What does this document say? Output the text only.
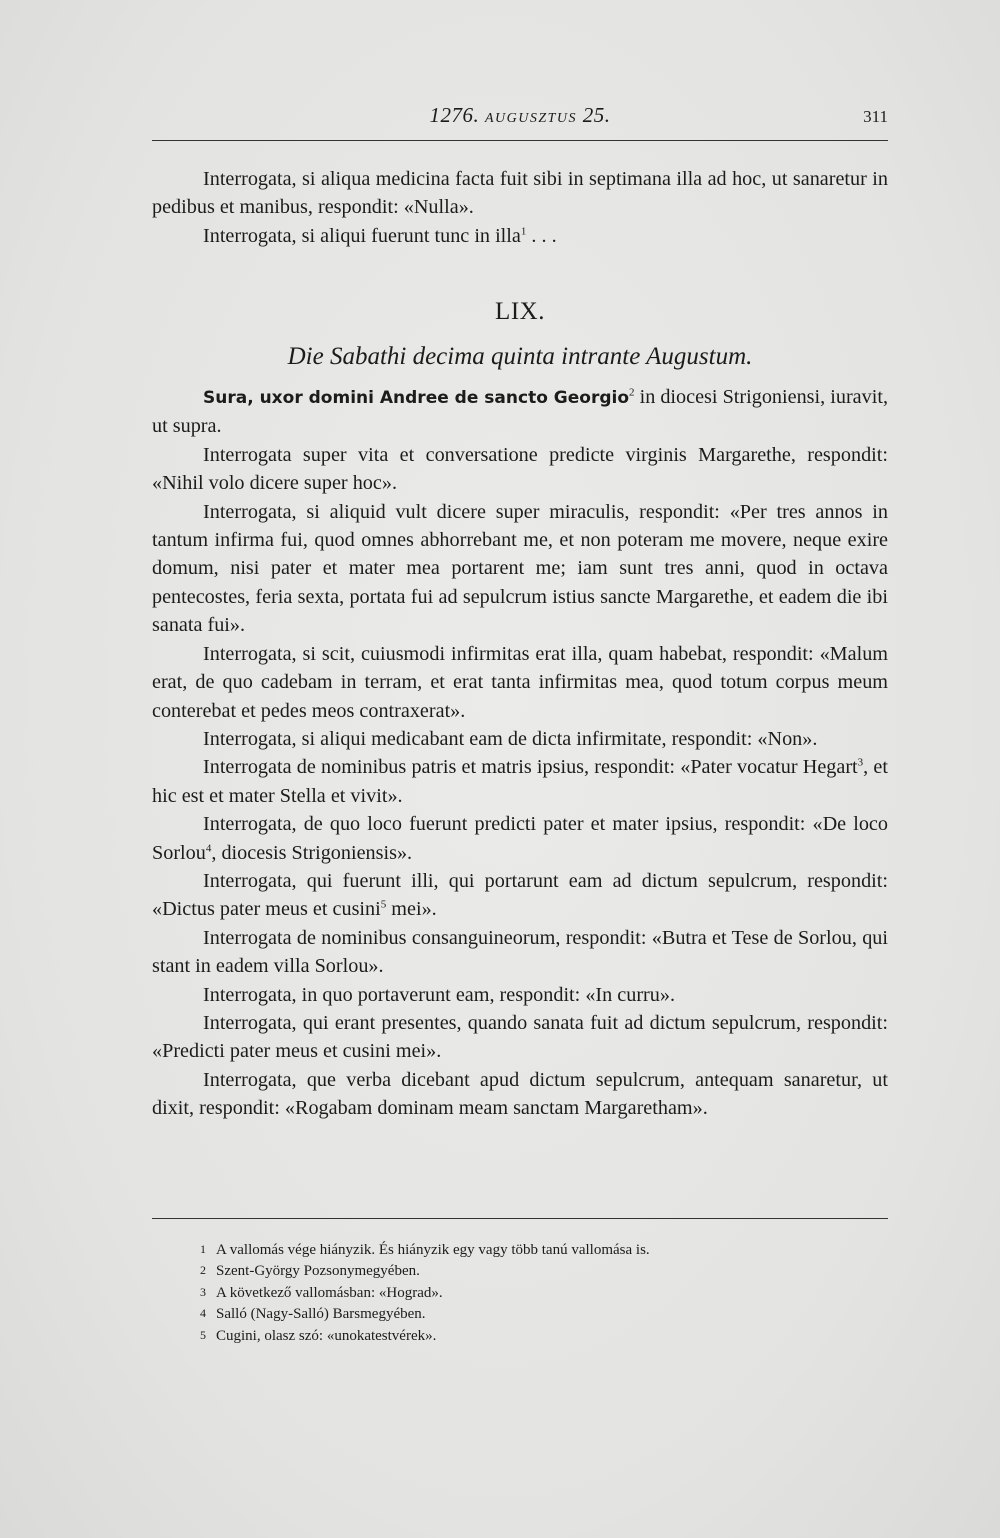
1276. AUGUSZTUS 25.	311

Interrogata, si aliqua medicina facta fuit sibi in septimana illa ad hoc, ut sanaretur in pedibus et manibus, respondit: «Nulla».

Interrogata, si aliqui fuerunt tunc in illa$^1$ . . .

LIX.
Die Sabathi decima quinta intrante Augustum.

Sura, uxor domini Andree de sancto Georgio$^2$ in diocesi Strigoniensi, iuravit, ut supra.

Interrogata super vita et conversatione predicte virginis Margarethe, respondit: «Nihil volo dicere super hoc».

Interrogata, si aliquid vult dicere super miraculis, respondit: «Per tres annos in tantum infirma fui, quod omnes abhorrebant me, et non poteram me movere, neque exire domum, nisi pater et mater mea portarent me; iam sunt tres anni, quod in octava pentecostes, feria sexta, portata fui ad sepulcrum istius sancte Margarethe, et eadem die ibi sanata fui».

Interrogata, si scit, cuiusmodi infirmitas erat illa, quam habebat, respondit: «Malum erat, de quo cadebam in terram, et erat tanta infirmitas mea, quod totum corpus meum conterebat et pedes meos contraxerat».

Interrogata, si aliqui medicabant eam de dicta infirmitate, respondit: «Non».

Interrogata de nominibus patris et matris ipsius, respondit: «Pater vocatur Hegart$^3$, et hic est et mater Stella et vivit».

Interrogata, de quo loco fuerunt predicti pater et mater ipsius, respondit: «De loco Sorlou$^4$, diocesis Strigoniensis».

Interrogata, qui fuerunt illi, qui portarunt eam ad dictum sepulcrum, respondit: «Dictus pater meus et cusini$^5$ mei».

Interrogata de nominibus consanguineorum, respondit: «Butra et Tese de Sorlou, qui stant in eadem villa Sorlou».

Interrogata, in quo portaverunt eam, respondit: «In curru».

Interrogata, qui erant presentes, quando sanata fuit ad dictum sepulcrum, respondit: «Predicti pater meus et cusini mei».

Interrogata, que verba dicebant apud dictum sepulcrum, antequam sanaretur, ut dixit, respondit: «Rogabam dominam meam sanctam Margaretham».

1 A vallomás vége hiányzik. És hiányzik egy vagy több tanú vallomása is.
2 Szent-György Pozsonymegyében.
3 A következő vallomásban: «Hograd».
4 Salló (Nagy-Salló) Barsmegyében.
5 Cugini, olasz szó: «unokatestvérek».
